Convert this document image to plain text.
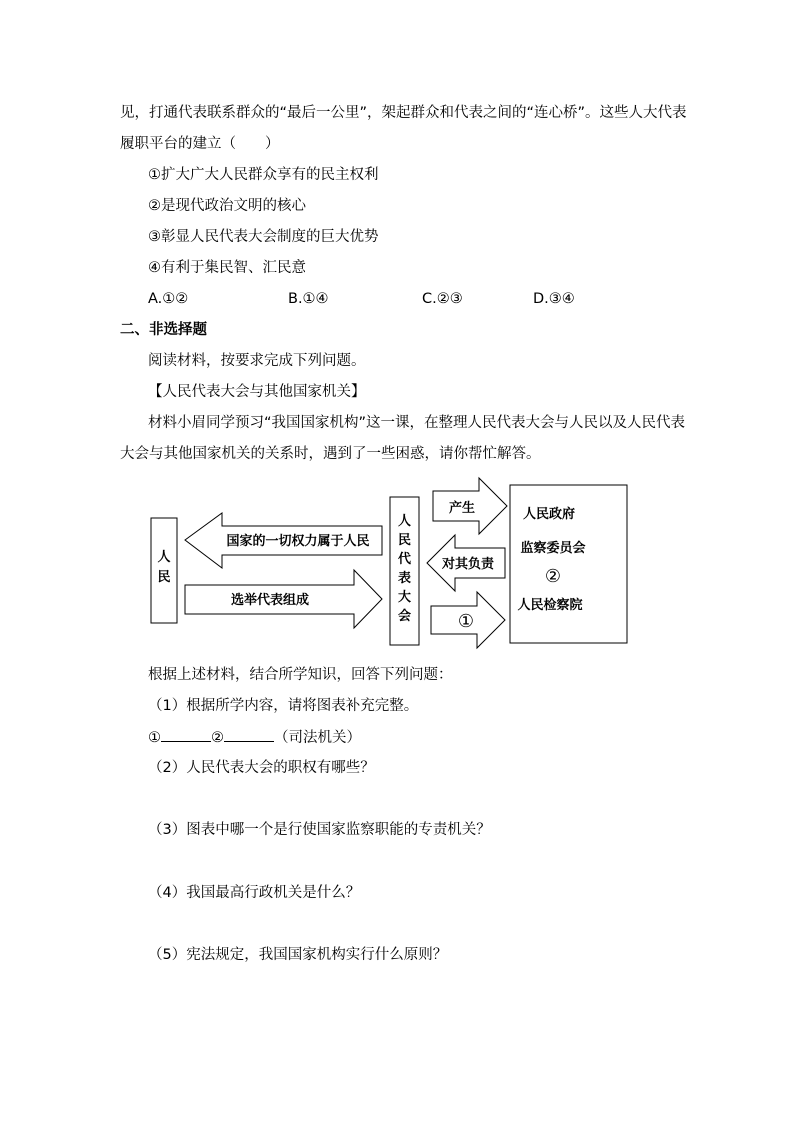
见，打通代表联系群众的“最后一公里”，架起群众和代表之间的“连心桥”。这些人大代表
履职平台的建立（　　）
①扩大广大人民群众享有的民主权利
②是现代政治文明的核心
③彰显人民代表大会制度的巨大优势
④有利于集民智、汇民意
A.①②	B.①④	C.②③	D.③④
二、非选择题
阅读材料，按要求完成下列问题。
【人民代表大会与其他国家机关】
材料小眉同学预习“我国国家机构”这一课，在整理人民代表大会与人民以及人民代表
大会与其他国家机关的关系时，遇到了一些困惑，请你帮忙解答。
人
民
国家的一切权力属于人民
选举代表组成
人
民
代
表
大
会
产生
对其负责
①
人民政府
监察委员会
②
人民检察院
根据上述材料，结合所学知识，回答下列问题：
（1）根据所学内容，请将图表补充完整。
①	②	（司法机关）
（2）人民代表大会的职权有哪些？
（3）图表中哪一个是行使国家监察职能的专责机关？
（4）我国最高行政机关是什么？
（5）宪法规定，我国国家机构实行什么原则？
